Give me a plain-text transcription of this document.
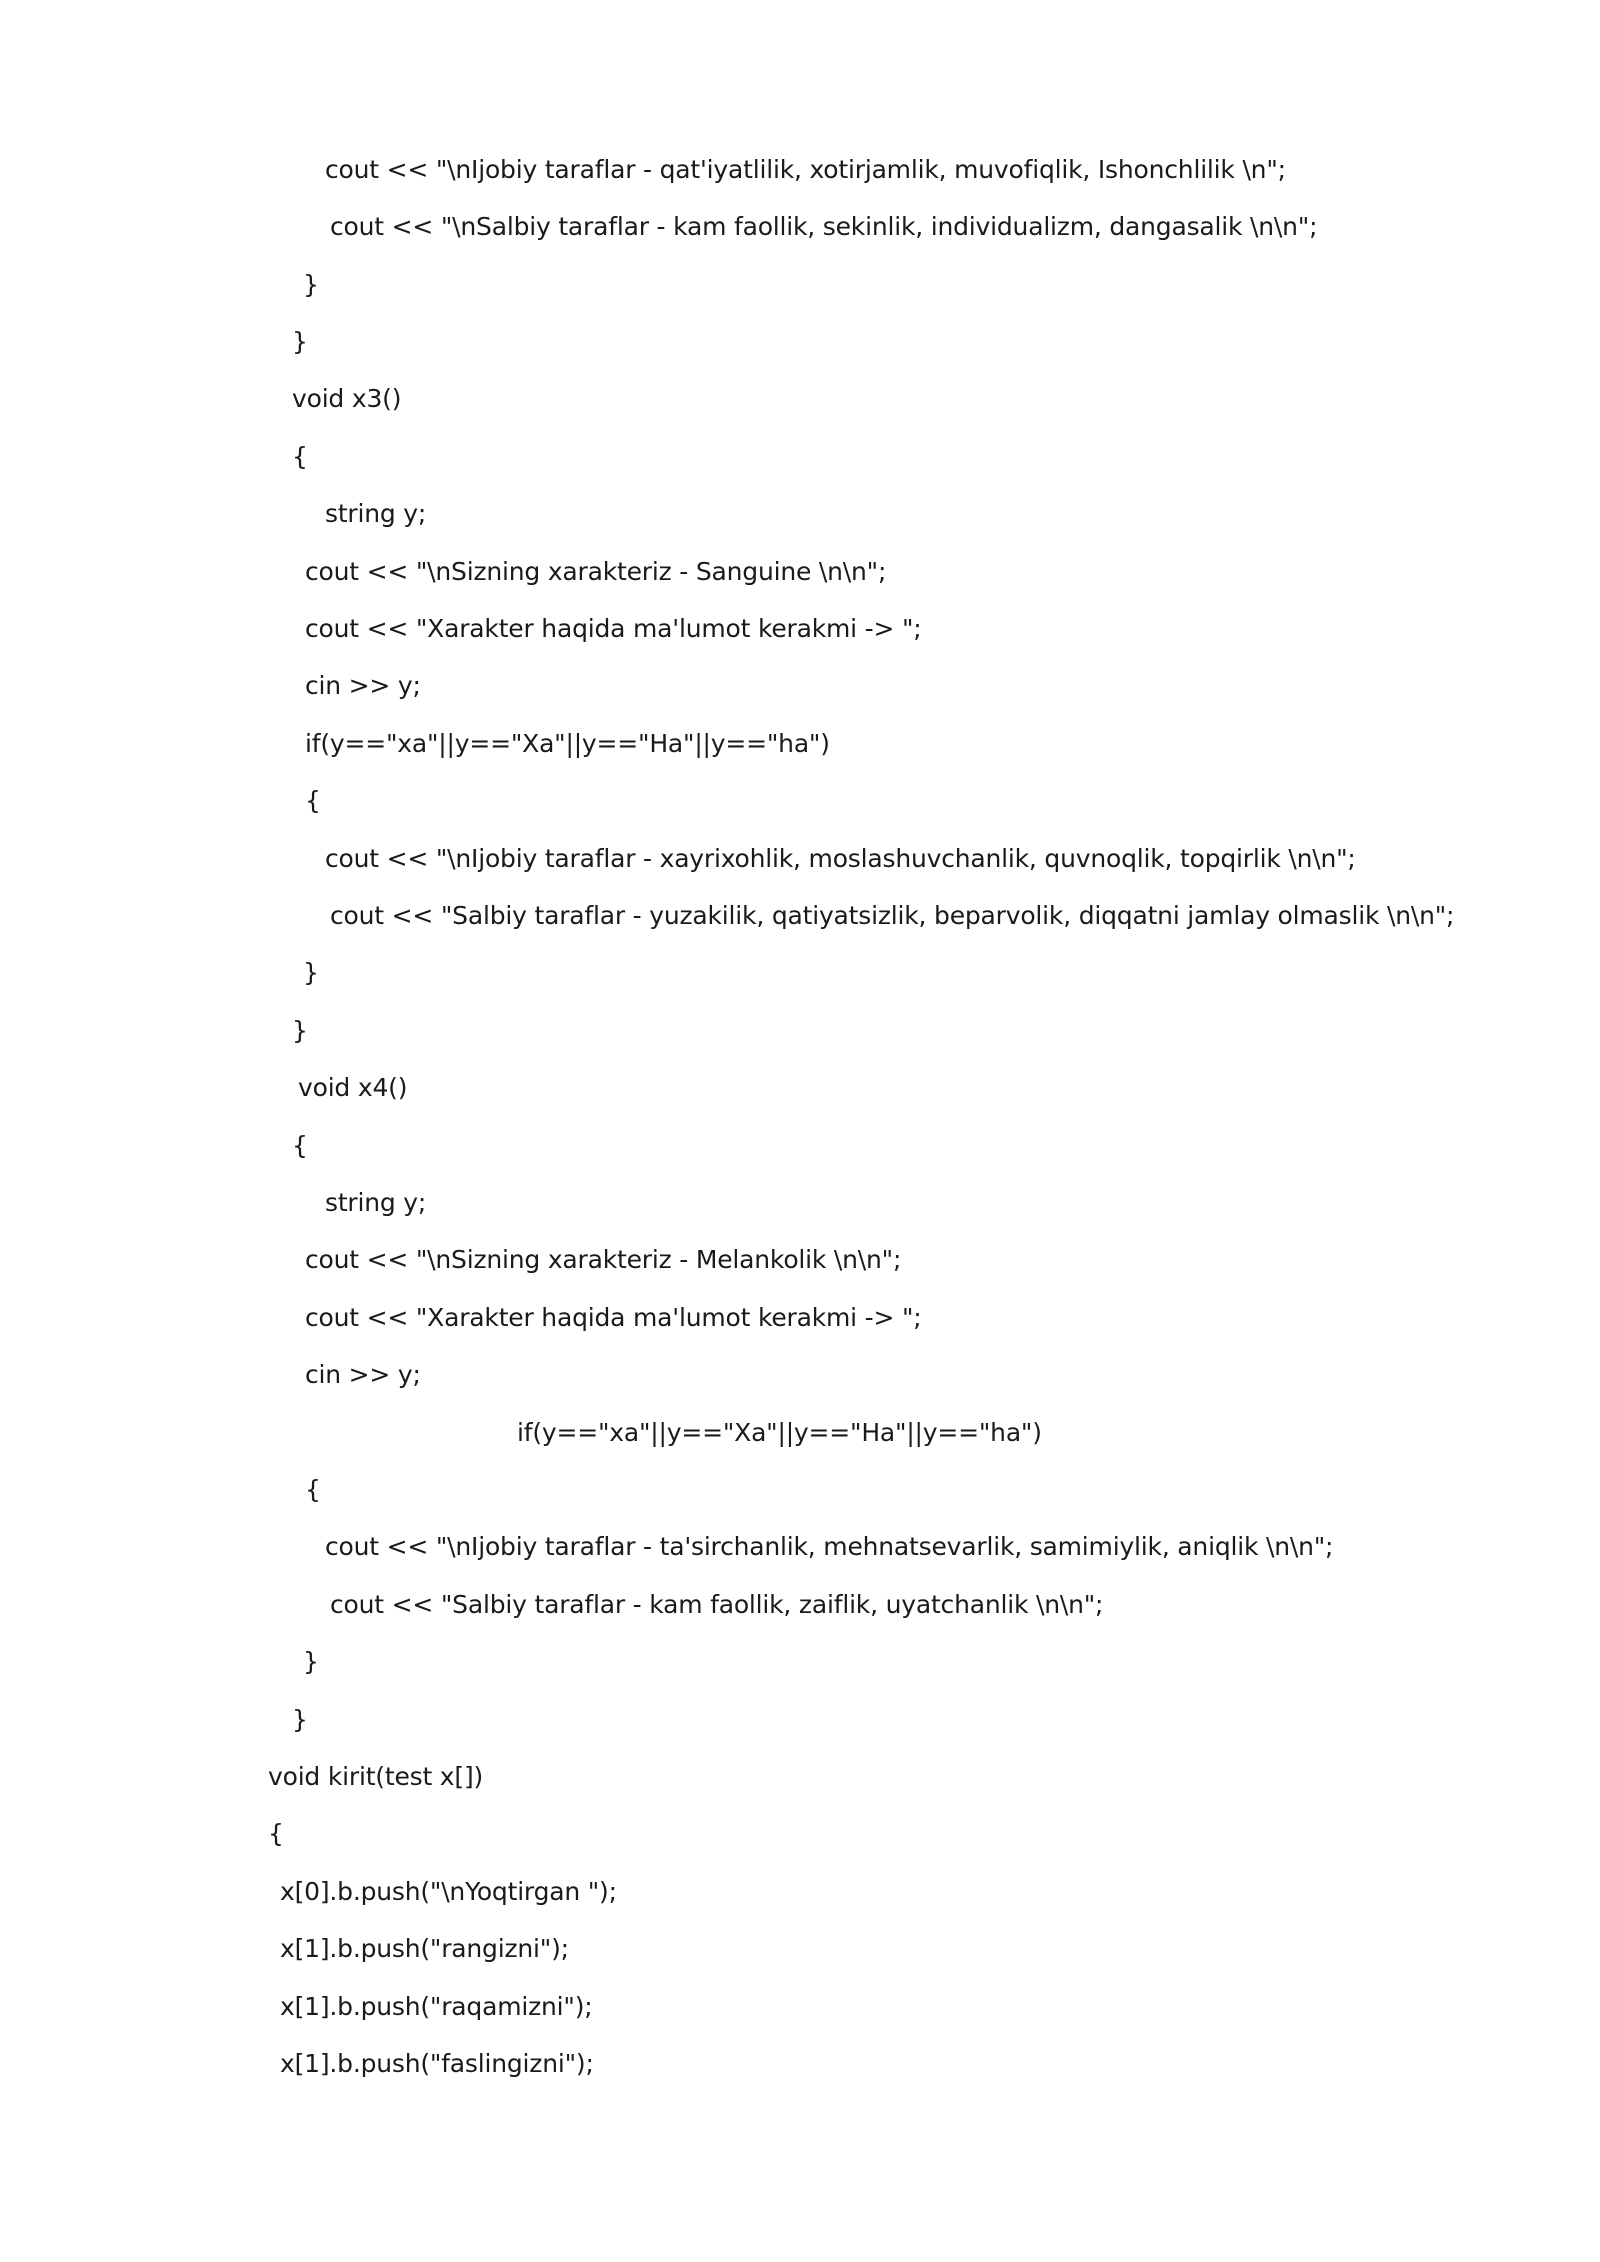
cout << "\nIjobiy taraflar - qat'iyatlilik, xotirjamlik, muvofiqlik, Ishonchlilik \n";
cout << "\nSalbiy taraflar - kam faollik, sekinlik, individualizm, dangasalik \n\n";
}
}
void x3()
{
string y;
cout << "\nSizning xarakteriz - Sanguine \n\n";
cout << "Xarakter haqida ma'lumot kerakmi -> ";
cin >> y;
if(y=="xa"||y=="Xa"||y=="Ha"||y=="ha")
{
cout << "\nIjobiy taraflar - xayrixohlik, moslashuvchanlik, quvnoqlik, topqirlik \n\n";
cout << "Salbiy taraflar - yuzakilik, qatiyatsizlik, beparvolik, diqqatni jamlay olmaslik \n\n";
}
}
void x4()
{
string y;
cout << "\nSizning xarakteriz - Melankolik \n\n";
cout << "Xarakter haqida ma'lumot kerakmi -> ";
cin >> y;
if(y=="xa"||y=="Xa"||y=="Ha"||y=="ha")
{
cout << "\nIjobiy taraflar - ta'sirchanlik, mehnatsevarlik, samimiylik, aniqlik \n\n";
cout << "Salbiy taraflar - kam faollik, zaiflik, uyatchanlik \n\n";
}
}
void kirit(test x[])
{
x[0].b.push("\nYoqtirgan ");
x[1].b.push("rangizni");
x[1].b.push("raqamizni");
x[1].b.push("faslingizni");
